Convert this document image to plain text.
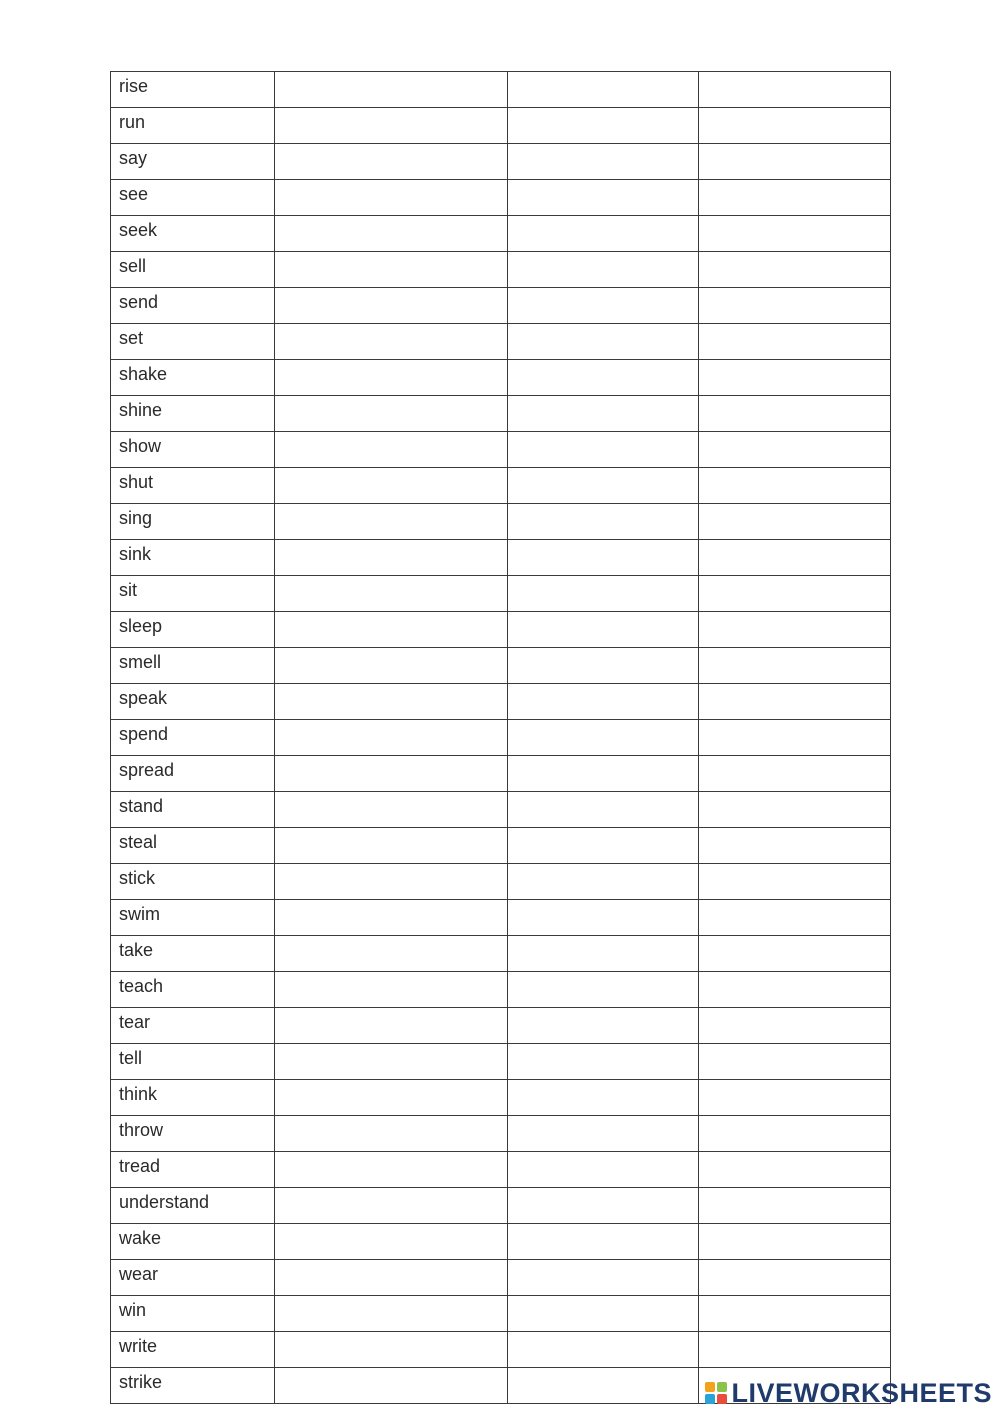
rise			
run			
say			
see			
seek			
sell			
send			
set			
shake			
shine			
show			
shut			
sing			
sink			
sit			
sleep			
smell			
speak			
spend			
spread			
stand			
steal			
stick			
swim			
take			
teach			
tear			
tell			
think			
throw			
tread			
understand			
wake			
wear			
win			
write			
strike				LIVEWORKSHEETS
